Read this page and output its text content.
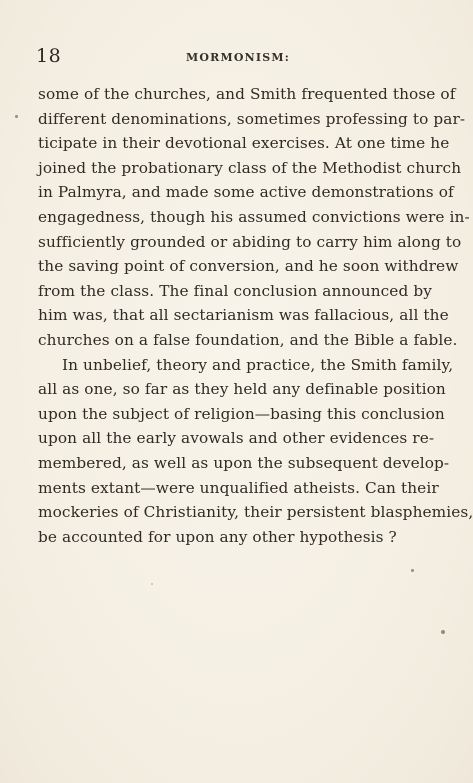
18	MORMONISM:
some of the churches, and Smith frequented those of
different denominations, sometimes professing to par-
ticipate in their devotional exercises. At one time he
joined the probationary class of the Methodist church
in Palmyra, and made some active demonstrations of
engagedness, though his assumed convictions were in-
sufficiently grounded or abiding to carry him along to
the saving point of conversion, and he soon withdrew
from the class. The final conclusion announced by
him was, that all sectarianism was fallacious, all the
churches on a false foundation, and the Bible a fable.
In unbelief, theory and practice, the Smith family,
all as one, so far as they held any definable position
upon the subject of religion—basing this conclusion
upon all the early avowals and other evidences re-
membered, as well as upon the subsequent develop-
ments extant—were unqualified atheists. Can their
mockeries of Christianity, their persistent blasphemies,
be accounted for upon any other hypothesis ?
